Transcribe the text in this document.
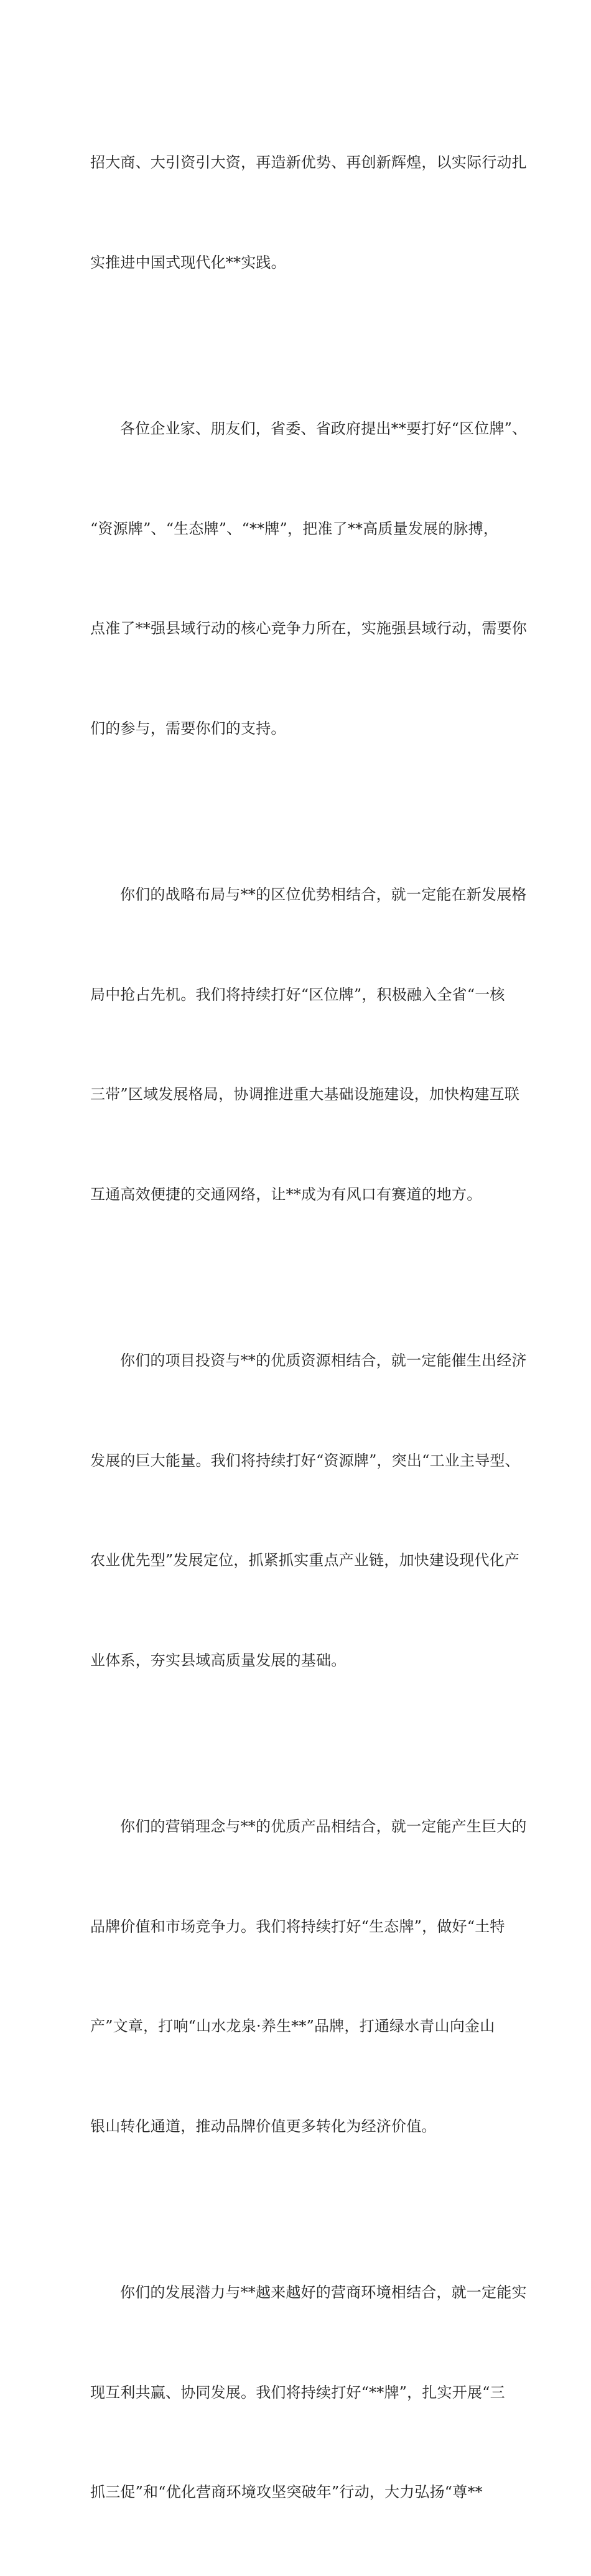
招大商、大引资引大资，再造新优势、再创新辉煌，以实际行动扎

实推进中国式现代化**实践。

各位企业家、朋友们，省委、省政府提出**要打好“区位牌”、

“资源牌”、“生态牌”、“**牌”，把准了**高质量发展的脉搏，

点准了**强县域行动的核心竞争力所在，实施强县域行动，需要你

们的参与，需要你们的支持。

你们的战略布局与**的区位优势相结合，就一定能在新发展格

局中抢占先机。我们将持续打好“区位牌”，积极融入全省“一核

三带”区域发展格局，协调推进重大基础设施建设，加快构建互联

互通高效便捷的交通网络，让**成为有风口有赛道的地方。

你们的项目投资与**的优质资源相结合，就一定能催生出经济

发展的巨大能量。我们将持续打好“资源牌”，突出“工业主导型、

农业优先型”发展定位，抓紧抓实重点产业链，加快建设现代化产

业体系，夯实县域高质量发展的基础。

你们的营销理念与**的优质产品相结合，就一定能产生巨大的

品牌价值和市场竞争力。我们将持续打好“生态牌”，做好“土特

产”文章，打响“山水龙泉·养生**”品牌，打通绿水青山向金山

银山转化通道，推动品牌价值更多转化为经济价值。

你们的发展潜力与**越来越好的营商环境相结合，就一定能实

现互利共赢、协同发展。我们将持续打好“**牌”，扎实开展“三

抓三促”和“优化营商环境攻坚突破年”行动，大力弘扬“尊**
